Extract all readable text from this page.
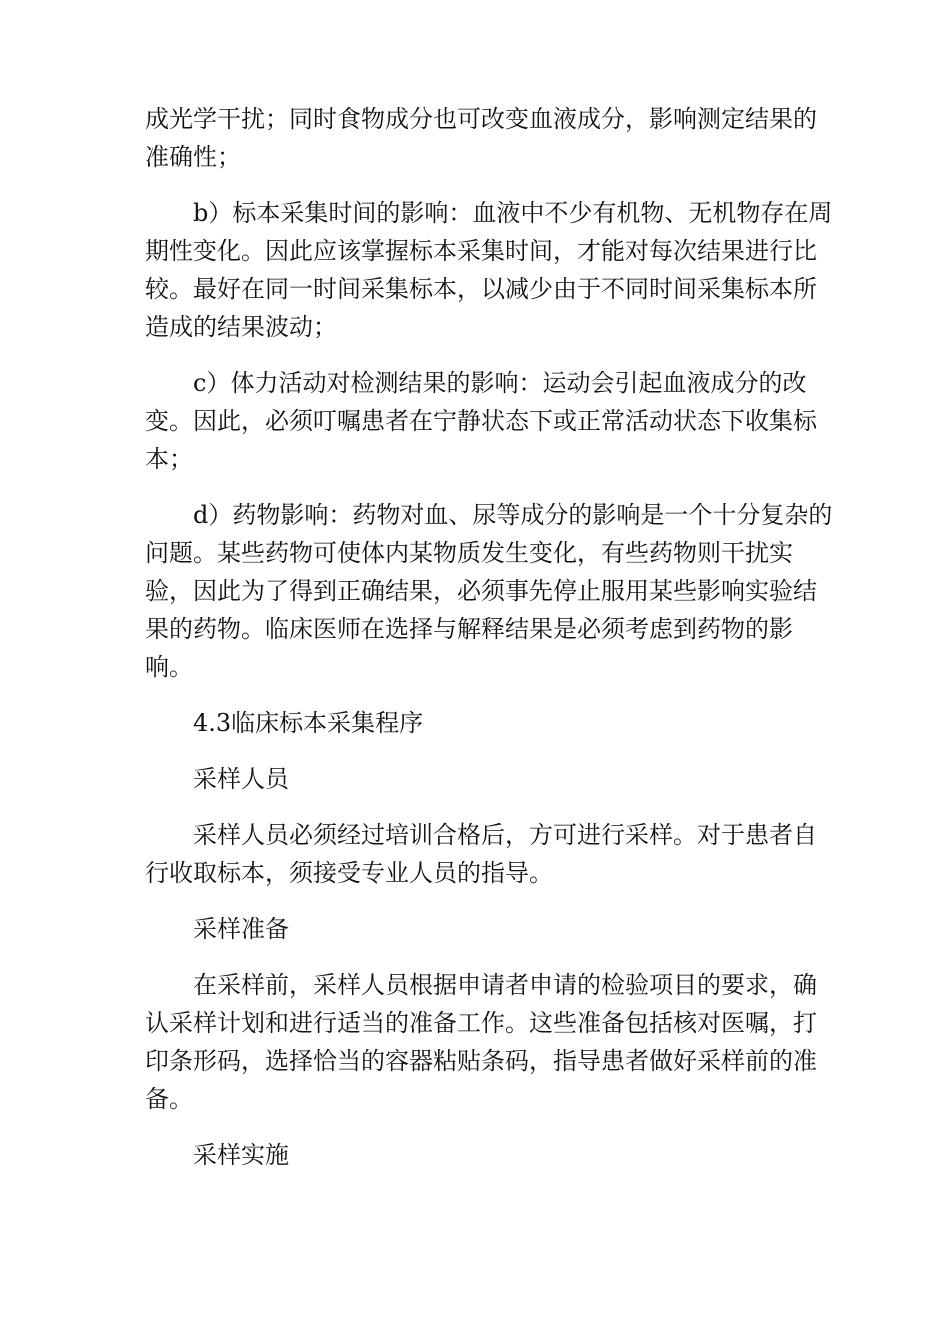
成光学干扰；同时食物成分也可改变血液成分，影响测定结果的准确性；

b）标本采集时间的影响：血液中不少有机物、无机物存在周期性变化。因此应该掌握标本采集时间，才能对每次结果进行比较。最好在同一时间采集标本，以减少由于不同时间采集标本所造成的结果波动；

c）体力活动对检测结果的影响：运动会引起血液成分的改变。因此，必须叮嘱患者在宁静状态下或正常活动状态下收集标本；

d）药物影响：药物对血、尿等成分的影响是一个十分复杂的问题。某些药物可使体内某物质发生变化，有些药物则干扰实验，因此为了得到正确结果，必须事先停止服用某些影响实验结果的药物。临床医师在选择与解释结果是必须考虑到药物的影响。

4.3临床标本采集程序

采样人员

采样人员必须经过培训合格后，方可进行采样。对于患者自行收取标本，须接受专业人员的指导。

采样准备

在采样前，采样人员根据申请者申请的检验项目的要求，确认采样计划和进行适当的准备工作。这些准备包括核对医嘱，打印条形码，选择恰当的容器粘贴条码，指导患者做好采样前的准备。

采样实施
